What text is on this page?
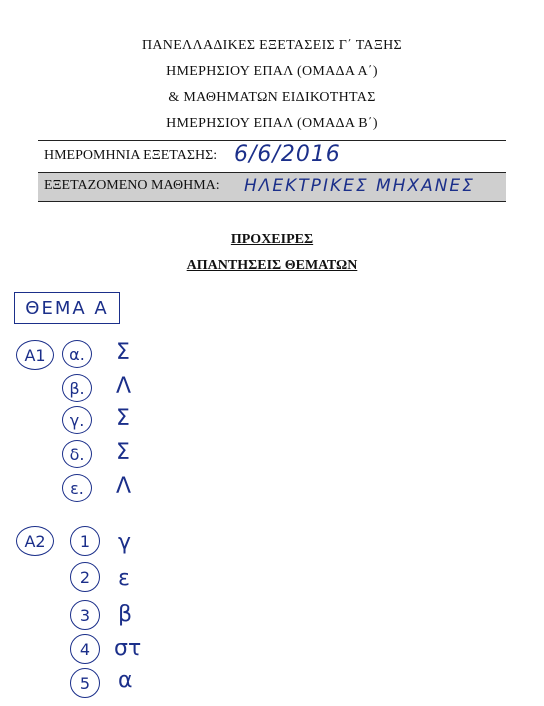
ΠΑΝΕΛΛΑΔΙΚΕΣ ΕΞΕΤΑΣΕΙΣ Γ΄ ΤΑΞΗΣ
ΗΜΕΡΗΣΙΟΥ ΕΠΑΛ (ΟΜΑΔΑ Α΄)
& ΜΑΘΗΜΑΤΩΝ ΕΙΔΙΚΟΤΗΤΑΣ
ΗΜΕΡΗΣΙΟΥ ΕΠΑΛ (ΟΜΑΔΑ Β΄)
ΗΜΕΡΟΜΗΝΙΑ ΕΞΕΤΑΣΗΣ: 6/6/2016
ΕΞΕΤΑΖΟΜΕΝΟ ΜΑΘΗΜΑ: ΗΛΕΚΤΡΙΚΕΣ ΜΗΧΑΝΕΣ
ΠΡΟΧΕΙΡΕΣ
ΑΠΑΝΤΗΣΕΙΣ ΘΕΜΑΤΩΝ
ΘΕΜΑ Α
Α1	α.	Σ
β.	Λ
γ.	Σ
δ.	Σ
ε.	Λ
Α2	1	γ
2	ε
3	β
4	στ
5	α
